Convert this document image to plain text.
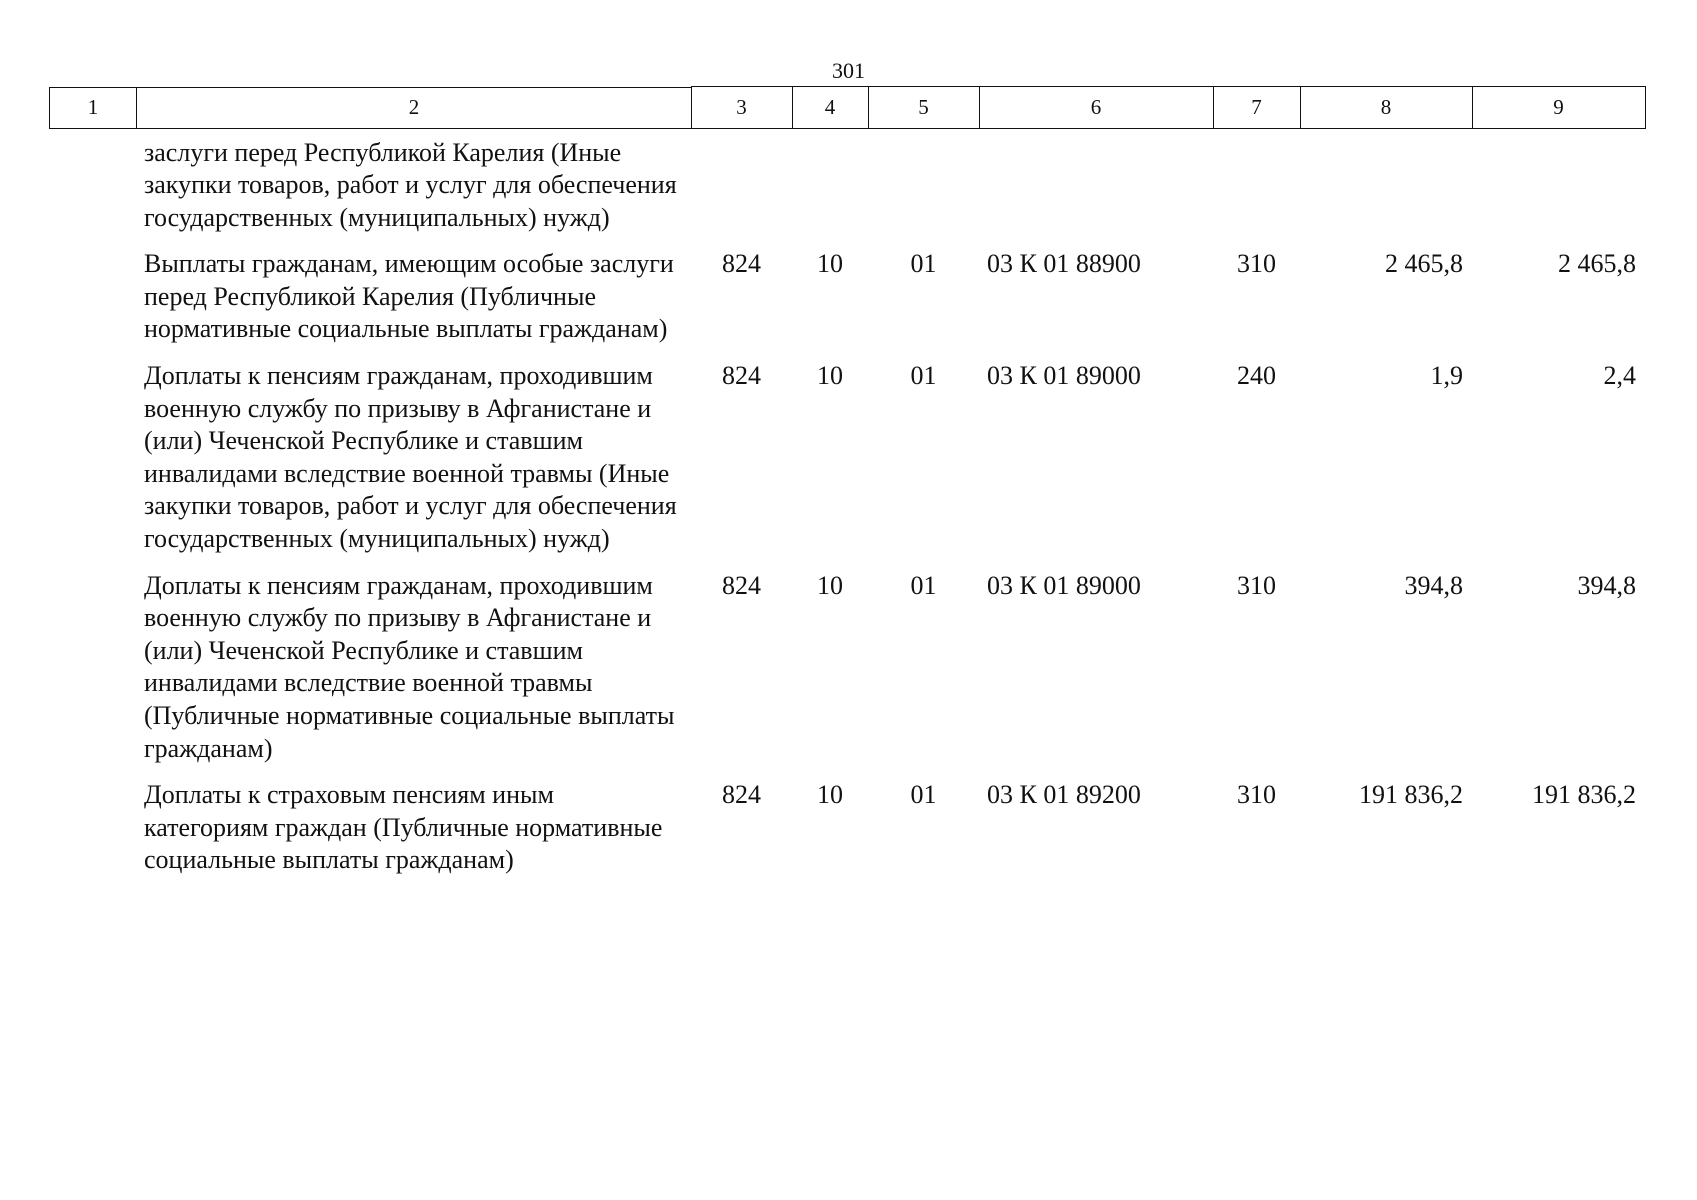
301
1	2
		3	4	5	6	7	8	9
заслуги перед Республикой Карелия (Иные закупки товаров, работ и услуг для обеспечения государственных (муниципальных) нужд)							
Выплаты гражданам, имеющим особые заслуги перед Республикой Карелия (Публичные нормативные социальные выплаты гражданам)	824	10	01	03 К 01 88900	310	2 465,8	2 465,8
Доплаты к пенсиям гражданам, проходившим военную службу по призыву в Афганистане и (или) Чеченской Республике и ставшим инвалидами вследствие военной травмы (Иные закупки товаров, работ и услуг для обеспечения государственных (муниципальных) нужд)	824	10	01	03 К 01 89000	240	1,9	2,4
Доплаты к пенсиям гражданам, проходившим военную службу по призыву в Афганистане и (или) Чеченской Республике и ставшим инвалидами вследствие военной травмы (Публичные нормативные социальные выплаты гражданам)	824	10	01	03 К 01 89000	310	394,8	394,8
Доплаты к страховым пенсиям иным категориям граждан (Публичные нормативные социальные выплаты гражданам)	824	10	01	03 К 01 89200	310	191 836,2	191 836,2
